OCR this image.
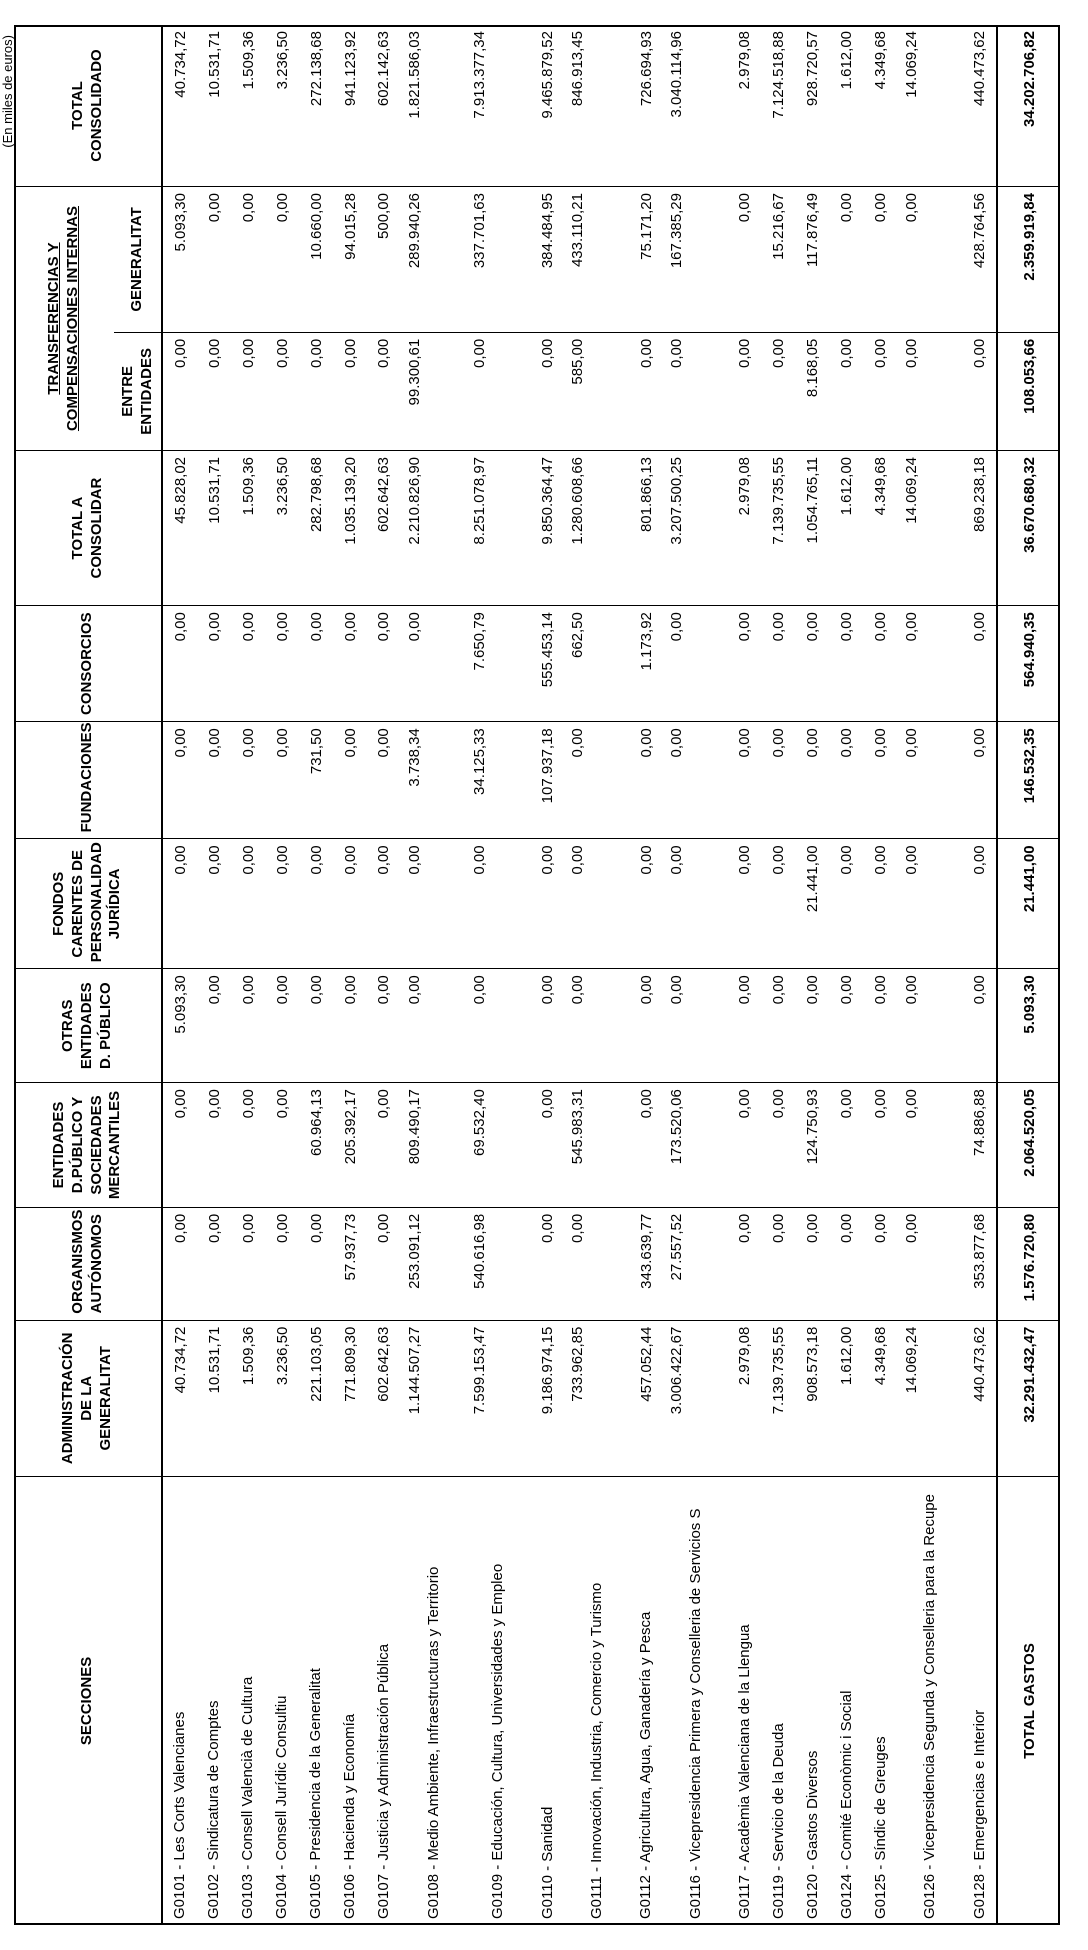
(En miles de euros)
SECCIONES	ADMINISTRACIÓN DE LA GENERALITAT	ORGANISMOS AUTÓNOMOS	ENTIDADES D.PÚBLICO Y SOCIEDADES MERCANTILES	OTRAS ENTIDADES D. PÚBLICO	FONDOS CARENTES DE PERSONALIDAD JURÍDICA	FUNDACIONES	CONSORCIOS	TOTAL A CONSOLIDAR	TRANSFERENCIAS Y COMPENSACIONES INTERNAS		TOTAL CONSOLIDADO
									ENTRE ENTIDADES	GENERALITAT	
G0101 - Les Corts Valencianes	40.734,72	0,00	0,00	5.093,30	0,00	0,00	0,00	45.828,02	0,00	5.093,30	40.734,72
G0102 - Sindicatura de Comptes	10.531,71	0,00	0,00	0,00	0,00	0,00	0,00	10.531,71	0,00	0,00	10.531,71
G0103 - Consell Valencià de Cultura	1.509,36	0,00	0,00	0,00	0,00	0,00	0,00	1.509,36	0,00	0,00	1.509,36
G0104 - Consell Jurídic Consultiu	3.236,50	0,00	0,00	0,00	0,00	0,00	0,00	3.236,50	0,00	0,00	3.236,50
G0105 - Presidencia de la Generalitat	221.103,05	0,00	60.964,13	0,00	0,00	731,50	0,00	282.798,68	0,00	10.660,00	272.138,68
G0106 - Hacienda y Economía	771.809,30	57.937,73	205.392,17	0,00	0,00	0,00	0,00	1.035.139,20	0,00	94.015,28	941.123,92
G0107 - Justicia y Administración Pública	602.642,63	0,00	0,00	0,00	0,00	0,00	0,00	602.642,63	0,00	500,00	602.142,63
G0108 - Medio Ambiente, Infraestructuras y Territorio	1.144.507,27	253.091,12	809.490,17	0,00	0,00	3.738,34	0,00	2.210.826,90	99.300,61	289.940,26	1.821.586,03
G0109 - Educación, Cultura, Universidades y Empleo	7.599.153,47	540.616,98	69.532,40	0,00	0,00	34.125,33	7.650,79	8.251.078,97	0,00	337.701,63	7.913.377,34
G0110 - Sanidad	9.186.974,15	0,00	0,00	0,00	0,00	107.937,18	555.453,14	9.850.364,47	0,00	384.484,95	9.465.879,52
G0111 - Innovación, Industria, Comercio y Turismo	733.962,85	0,00	545.983,31	0,00	0,00	0,00	662,50	1.280.608,66	585,00	433.110,21	846.913,45
G0112 - Agricultura, Agua, Ganadería y Pesca	457.052,44	343.639,77	0,00	0,00	0,00	0,00	1.173,92	801.866,13	0,00	75.171,20	726.694,93
G0116 - Vicepresidencia Primera y Conselleria de Servicios S	3.006.422,67	27.557,52	173.520,06	0,00	0,00	0,00	0,00	3.207.500,25	0,00	167.385,29	3.040.114,96
G0117 - Acadèmia Valenciana de la Llengua	2.979,08	0,00	0,00	0,00	0,00	0,00	0,00	2.979,08	0,00	0,00	2.979,08
G0119 - Servicio de la Deuda	7.139.735,55	0,00	0,00	0,00	0,00	0,00	0,00	7.139.735,55	0,00	15.216,67	7.124.518,88
G0120 - Gastos Diversos	908.573,18	0,00	124.750,93	0,00	21.441,00	0,00	0,00	1.054.765,11	8.168,05	117.876,49	928.720,57
G0124 - Comité Econòmic i Social	1.612,00	0,00	0,00	0,00	0,00	0,00	0,00	1.612,00	0,00	0,00	1.612,00
G0125 - Síndic de Greuges	4.349,68	0,00	0,00	0,00	0,00	0,00	0,00	4.349,68	0,00	0,00	4.349,68
G0126 - Vicepresidencia Segunda y Conselleria para la Recupe	14.069,24	0,00	0,00	0,00	0,00	0,00	0,00	14.069,24	0,00	0,00	14.069,24
G0128 - Emergencias e Interior	440.473,62	353.877,68	74.886,88	0,00	0,00	0,00	0,00	869.238,18	0,00	428.764,56	440.473,62
TOTAL GASTOS	32.291.432,47	1.576.720,80	2.064.520,05	5.093,30	21.441,00	146.532,35	564.940,35	36.670.680,32	108.053,66	2.359.919,84	34.202.706,82
